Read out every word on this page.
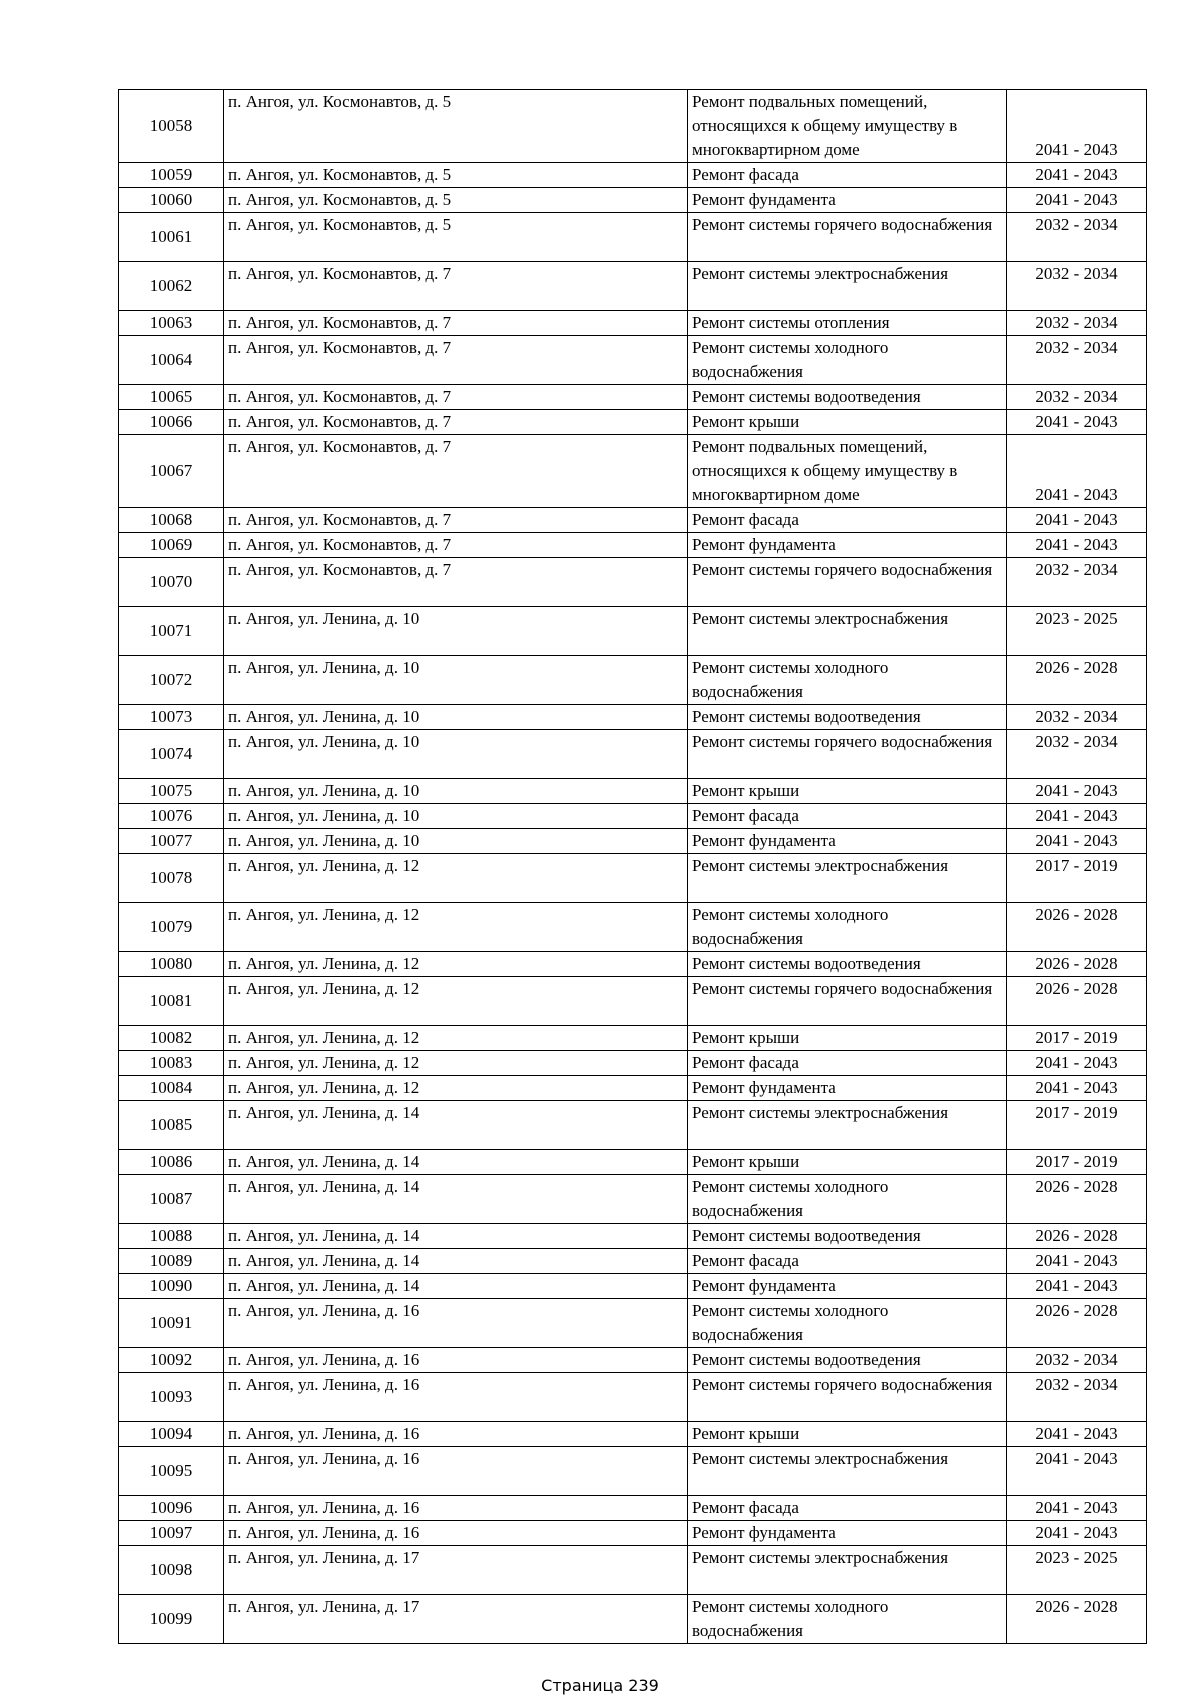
10058	п. Ангоя, ул. Космонавтов, д. 5	Ремонт подвальных помещений, относящихся к общему имуществу в многоквартирном доме	2041 - 2043
10059	п. Ангоя, ул. Космонавтов, д. 5	Ремонт фасада	2041 - 2043
10060	п. Ангоя, ул. Космонавтов, д. 5	Ремонт фундамента	2041 - 2043
10061	п. Ангоя, ул. Космонавтов, д. 5	Ремонт системы горячего водоснабжения	2032 - 2034
10062	п. Ангоя, ул. Космонавтов, д. 7	Ремонт системы электроснабжения	2032 - 2034
10063	п. Ангоя, ул. Космонавтов, д. 7	Ремонт системы отопления	2032 - 2034
10064	п. Ангоя, ул. Космонавтов, д. 7	Ремонт системы холодного водоснабжения	2032 - 2034
10065	п. Ангоя, ул. Космонавтов, д. 7	Ремонт системы водоотведения	2032 - 2034
10066	п. Ангоя, ул. Космонавтов, д. 7	Ремонт крыши	2041 - 2043
10067	п. Ангоя, ул. Космонавтов, д. 7	Ремонт подвальных помещений, относящихся к общему имуществу в многоквартирном доме	2041 - 2043
10068	п. Ангоя, ул. Космонавтов, д. 7	Ремонт фасада	2041 - 2043
10069	п. Ангоя, ул. Космонавтов, д. 7	Ремонт фундамента	2041 - 2043
10070	п. Ангоя, ул. Космонавтов, д. 7	Ремонт системы горячего водоснабжения	2032 - 2034
10071	п. Ангоя, ул. Ленина, д. 10	Ремонт системы электроснабжения	2023 - 2025
10072	п. Ангоя, ул. Ленина, д. 10	Ремонт системы холодного водоснабжения	2026 - 2028
10073	п. Ангоя, ул. Ленина, д. 10	Ремонт системы водоотведения	2032 - 2034
10074	п. Ангоя, ул. Ленина, д. 10	Ремонт системы горячего водоснабжения	2032 - 2034
10075	п. Ангоя, ул. Ленина, д. 10	Ремонт крыши	2041 - 2043
10076	п. Ангоя, ул. Ленина, д. 10	Ремонт фасада	2041 - 2043
10077	п. Ангоя, ул. Ленина, д. 10	Ремонт фундамента	2041 - 2043
10078	п. Ангоя, ул. Ленина, д. 12	Ремонт системы электроснабжения	2017 - 2019
10079	п. Ангоя, ул. Ленина, д. 12	Ремонт системы холодного водоснабжения	2026 - 2028
10080	п. Ангоя, ул. Ленина, д. 12	Ремонт системы водоотведения	2026 - 2028
10081	п. Ангоя, ул. Ленина, д. 12	Ремонт системы горячего водоснабжения	2026 - 2028
10082	п. Ангоя, ул. Ленина, д. 12	Ремонт крыши	2017 - 2019
10083	п. Ангоя, ул. Ленина, д. 12	Ремонт фасада	2041 - 2043
10084	п. Ангоя, ул. Ленина, д. 12	Ремонт фундамента	2041 - 2043
10085	п. Ангоя, ул. Ленина, д. 14	Ремонт системы электроснабжения	2017 - 2019
10086	п. Ангоя, ул. Ленина, д. 14	Ремонт крыши	2017 - 2019
10087	п. Ангоя, ул. Ленина, д. 14	Ремонт системы холодного водоснабжения	2026 - 2028
10088	п. Ангоя, ул. Ленина, д. 14	Ремонт системы водоотведения	2026 - 2028
10089	п. Ангоя, ул. Ленина, д. 14	Ремонт фасада	2041 - 2043
10090	п. Ангоя, ул. Ленина, д. 14	Ремонт фундамента	2041 - 2043
10091	п. Ангоя, ул. Ленина, д. 16	Ремонт системы холодного водоснабжения	2026 - 2028
10092	п. Ангоя, ул. Ленина, д. 16	Ремонт системы водоотведения	2032 - 2034
10093	п. Ангоя, ул. Ленина, д. 16	Ремонт системы горячего водоснабжения	2032 - 2034
10094	п. Ангоя, ул. Ленина, д. 16	Ремонт крыши	2041 - 2043
10095	п. Ангоя, ул. Ленина, д. 16	Ремонт системы электроснабжения	2041 - 2043
10096	п. Ангоя, ул. Ленина, д. 16	Ремонт фасада	2041 - 2043
10097	п. Ангоя, ул. Ленина, д. 16	Ремонт фундамента	2041 - 2043
10098	п. Ангоя, ул. Ленина, д. 17	Ремонт системы электроснабжения	2023 - 2025
10099	п. Ангоя, ул. Ленина, д. 17	Ремонт системы холодного водоснабжения	2026 - 2028
Страница 239
